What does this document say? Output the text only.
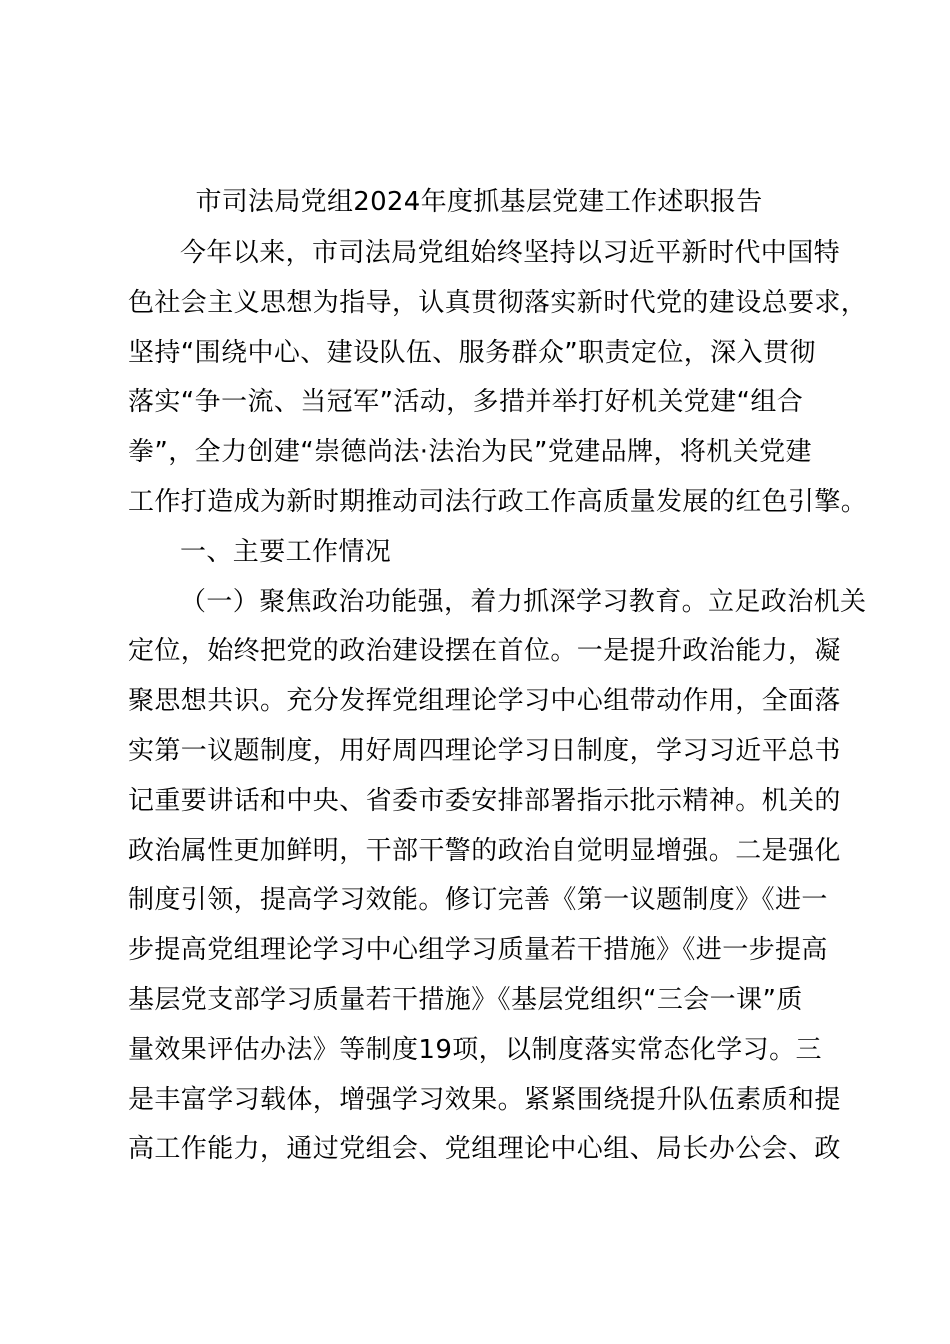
市司法局党组2024年度抓基层党建工作述职报告
今年以来，市司法局党组始终坚持以习近平新时代中国特
色社会主义思想为指导，认真贯彻落实新时代党的建设总要求，
坚持“围绕中心、建设队伍、服务群众”职责定位，深入贯彻
落实“争一流、当冠军”活动，多措并举打好机关党建“组合
拳”，全力创建“崇德尚法·法治为民”党建品牌，将机关党建
工作打造成为新时期推动司法行政工作高质量发展的红色引擎。
一、主要工作情况
（一）聚焦政治功能强，着力抓深学习教育。立足政治机关
定位，始终把党的政治建设摆在首位。一是提升政治能力，凝
聚思想共识。充分发挥党组理论学习中心组带动作用，全面落
实第一议题制度，用好周四理论学习日制度，学习习近平总书
记重要讲话和中央、省委市委安排部署指示批示精神。机关的
政治属性更加鲜明，干部干警的政治自觉明显增强。二是强化
制度引领，提高学习效能。修订完善《第一议题制度》《进一
步提高党组理论学习中心组学习质量若干措施》《进一步提高
基层党支部学习质量若干措施》《基层党组织“三会一课”质
量效果评估办法》等制度19项，以制度落实常态化学习。三
是丰富学习载体，增强学习效果。紧紧围绕提升队伍素质和提
高工作能力，通过党组会、党组理论中心组、局长办公会、政
